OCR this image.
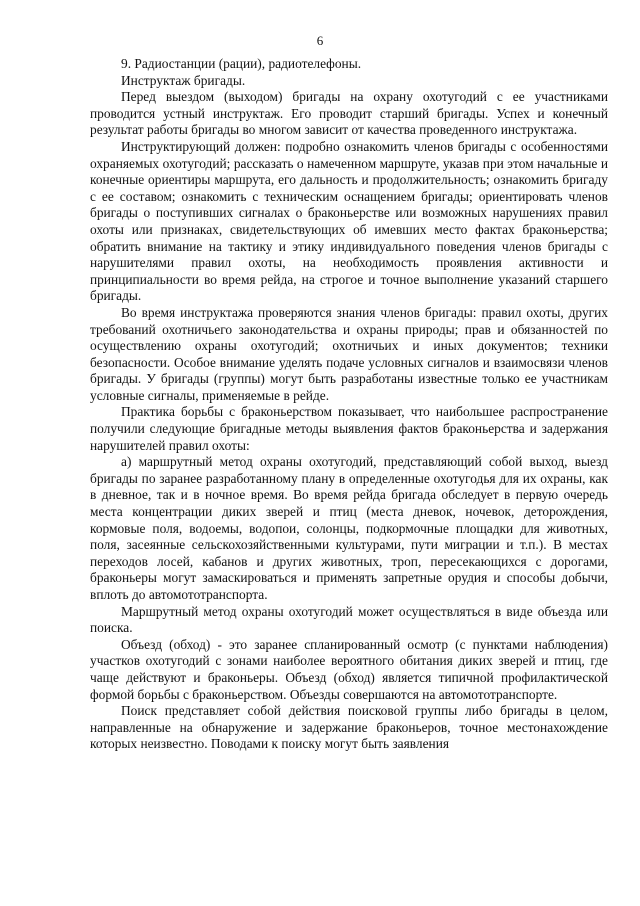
6

9. Радиостанции (рации), радиотелефоны.

Инструктаж бригады.

Перед выездом (выходом) бригады на охрану охотугодий с ее участниками проводится устный инструктаж. Его проводит старший бригады. Успех и конечный результат работы бригады во многом зависит от качества проведенного инструктажа.

Инструктирующий должен: подробно ознакомить членов бригады с особенностями охраняемых охотугодий; рассказать о намеченном маршруте, указав при этом начальные и конечные ориентиры маршрута, его дальность и продолжительность; ознакомить бригаду с ее составом; ознакомить с техническим оснащением бригады; ориентировать членов бригады о поступивших сигналах о браконьерстве или возможных нарушениях правил охоты или признаках, свидетельствующих об имевших место фактах браконьерства; обратить внимание на тактику и этику индивидуального поведения членов бригады с нарушителями правил охоты, на необходимость проявления активности и принципиальности во время рейда, на строгое и точное выполнение указаний старшего бригады.

Во время инструктажа проверяются знания членов бригады: правил охоты, других требований охотничьего законодательства и охраны природы; прав и обязанностей по осуществлению охраны охотугодий; охотничьих и иных документов; техники безопасности. Особое внимание уделять подаче условных сигналов и взаимосвязи членов бригады. У бригады (группы) могут быть разработаны известные только ее участникам условные сигналы, применяемые в рейде.

Практика борьбы с браконьерством показывает, что наибольшее распространение получили следующие бригадные методы выявления фактов браконьерства и задержания нарушителей правил охоты:

а) маршрутный метод охраны охотугодий, представляющий собой выход, выезд бригады по заранее разработанному плану в определенные охотугодья для их охраны, как в дневное, так и в ночное время. Во время рейда бригада обследует в первую очередь места концентрации диких зверей и птиц (места дневок, ночевок, деторождения, кормовые поля, водоемы, водопои, солонцы, подкормочные площадки для животных, поля, засеянные сельскохозяйственными культурами, пути миграции и т.п.). В местах переходов лосей, кабанов и других животных, троп, пересекающихся с дорогами, браконьеры могут замаскироваться и применять запретные орудия и способы добычи, вплоть до автомототранспорта.

Маршрутный метод охраны охотугодий может осуществляться в виде объезда или поиска.

Объезд (обход) - это заранее спланированный осмотр (с пунктами наблюдения) участков охотугодий с зонами наиболее вероятного обитания диких зверей и птиц, где чаще действуют и браконьеры. Объезд (обход) является типичной профилактической формой борьбы с браконьерством. Объезды совершаются на автомототранспорте.

Поиск представляет собой действия поисковой группы либо бригады в целом, направленные на обнаружение и задержание браконьеров, точное местонахождение которых неизвестно. Поводами к поиску могут быть заявления
